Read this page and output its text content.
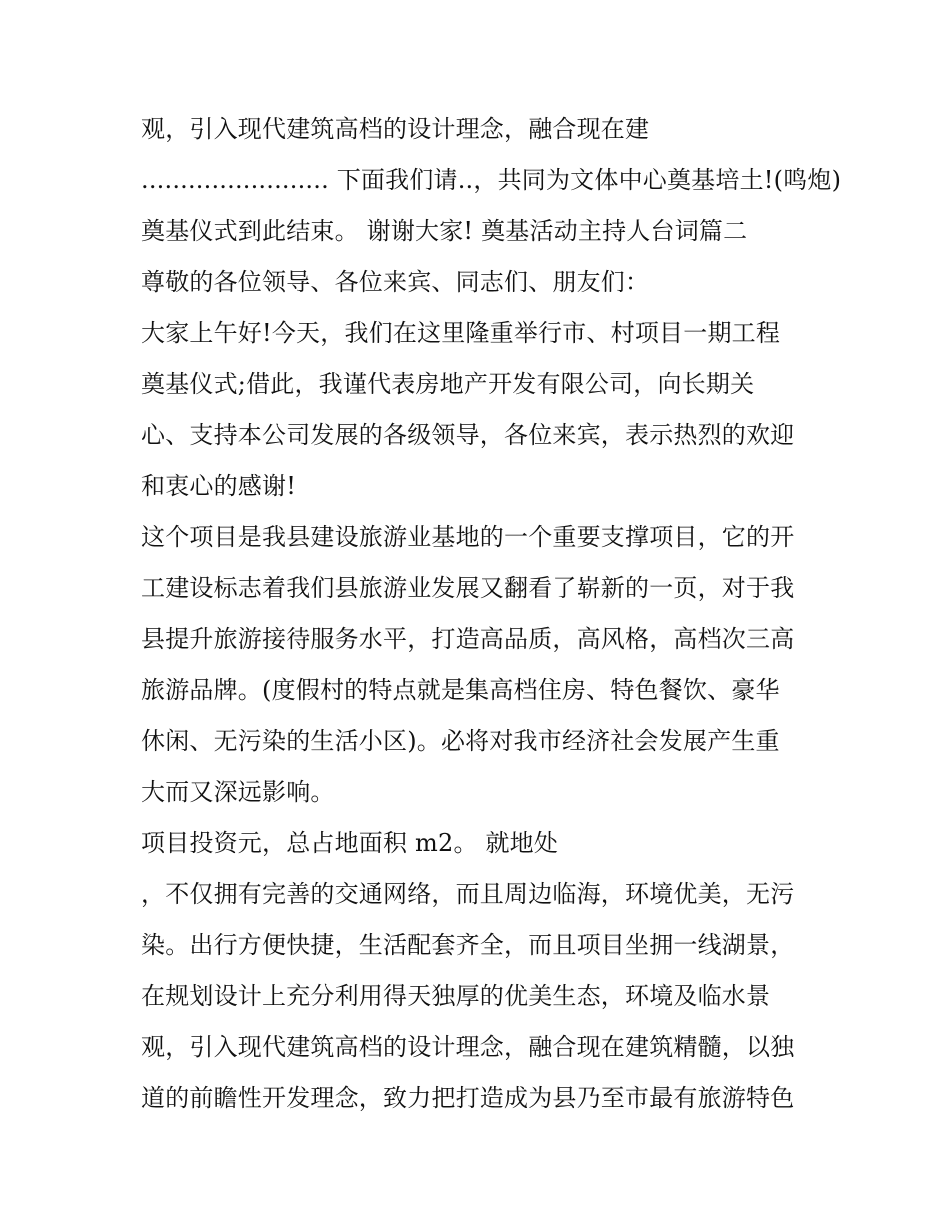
观，引入现代建筑高档的设计理念，融合现在建
........................ 下面我们请..，共同为文体中心奠基培土!(鸣炮)
奠基仪式到此结束。 谢谢大家! 奠基活动主持人台词篇二
尊敬的各位领导、各位来宾、同志们、朋友们：
大家上午好!今天，我们在这里隆重举行市、村项目一期工程
奠基仪式;借此，我谨代表房地产开发有限公司，向长期关
心、支持本公司发展的各级领导，各位来宾，表示热烈的欢迎
和衷心的感谢!
这个项目是我县建设旅游业基地的一个重要支撑项目，它的开
工建设标志着我们县旅游业发展又翻看了崭新的一页，对于我
县提升旅游接待服务水平，打造高品质，高风格，高档次三高
旅游品牌。(度假村的特点就是集高档住房、特色餐饮、豪华
休闲、无污染的生活小区)。必将对我市经济社会发展产生重
大而又深远影响。
项目投资元，总占地面积 m2。 就地处
，不仅拥有完善的交通网络，而且周边临海，环境优美，无污
染。出行方便快捷，生活配套齐全，而且项目坐拥一线湖景，
在规划设计上充分利用得天独厚的优美生态，环境及临水景
观，引入现代建筑高档的设计理念，融合现在建筑精髓，以独
道的前瞻性开发理念，致力把打造成为县乃至市最有旅游特色
